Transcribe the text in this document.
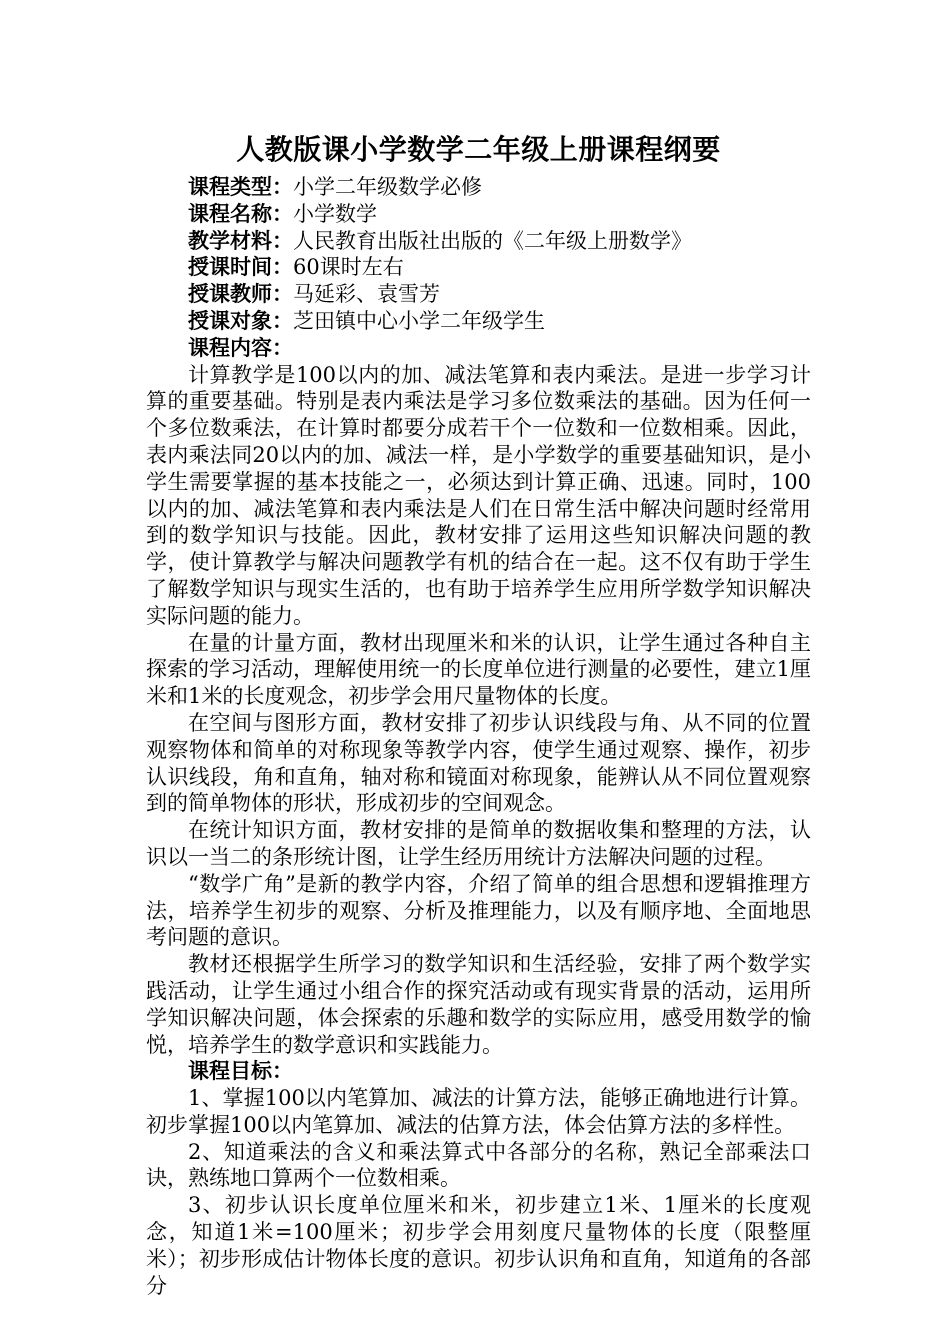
人教版课小学数学二年级上册课程纲要
课程类型：小学二年级数学必修
课程名称：小学数学
教学材料：人民教育出版社出版的《二年级上册数学》
授课时间：60课时左右
授课教师：马延彩、袁雪芳
授课对象：芝田镇中心小学二年级学生
课程内容：

计算教学是100以内的加、减法笔算和表内乘法。是进一步学习计算的重要基础。特别是表内乘法是学习多位数乘法的基础。因为任何一个多位数乘法，在计算时都要分成若干个一位数和一位数相乘。因此，表内乘法同20以内的加、减法一样，是小学数学的重要基础知识，是小学生需要掌握的基本技能之一，必须达到计算正确、迅速。同时，100以内的加、减法笔算和表内乘法是人们在日常生活中解决问题时经常用到的数学知识与技能。因此，教材安排了运用这些知识解决问题的教学，使计算教学与解决问题教学有机的结合在一起。这不仅有助于学生了解数学知识与现实生活的，也有助于培养学生应用所学数学知识解决实际问题的能力。

在量的计量方面，教材出现厘米和米的认识，让学生通过各种自主探索的学习活动，理解使用统一的长度单位进行测量的必要性，建立1厘米和1米的长度观念，初步学会用尺量物体的长度。

在空间与图形方面，教材安排了初步认识线段与角、从不同的位置观察物体和简单的对称现象等教学内容，使学生通过观察、操作，初步认识线段，角和直角，轴对称和镜面对称现象，能辨认从不同位置观察到的简单物体的形状，形成初步的空间观念。

在统计知识方面，教材安排的是简单的数据收集和整理的方法，认识以一当二的条形统计图，让学生经历用统计方法解决问题的过程。

“数学广角”是新的教学内容，介绍了简单的组合思想和逻辑推理方法，培养学生初步的观察、分析及推理能力，以及有顺序地、全面地思考问题的意识。

教材还根据学生所学习的数学知识和生活经验，安排了两个数学实践活动，让学生通过小组合作的探究活动或有现实背景的活动，运用所学知识解决问题，体会探索的乐趣和数学的实际应用，感受用数学的愉悦，培养学生的数学意识和实践能力。

课程目标：

1、掌握100以内笔算加、减法的计算方法，能够正确地进行计算。初步掌握100以内笔算加、减法的估算方法，体会估算方法的多样性。

2、知道乘法的含义和乘法算式中各部分的名称，熟记全部乘法口诀，熟练地口算两个一位数相乘。

3、初步认识长度单位厘米和米，初步建立1米、1厘米的长度观念，知道1米=100厘米；初步学会用刻度尺量物体的长度（限整厘米）；初步形成估计物体长度的意识。初步认识角和直角，知道角的各部分
